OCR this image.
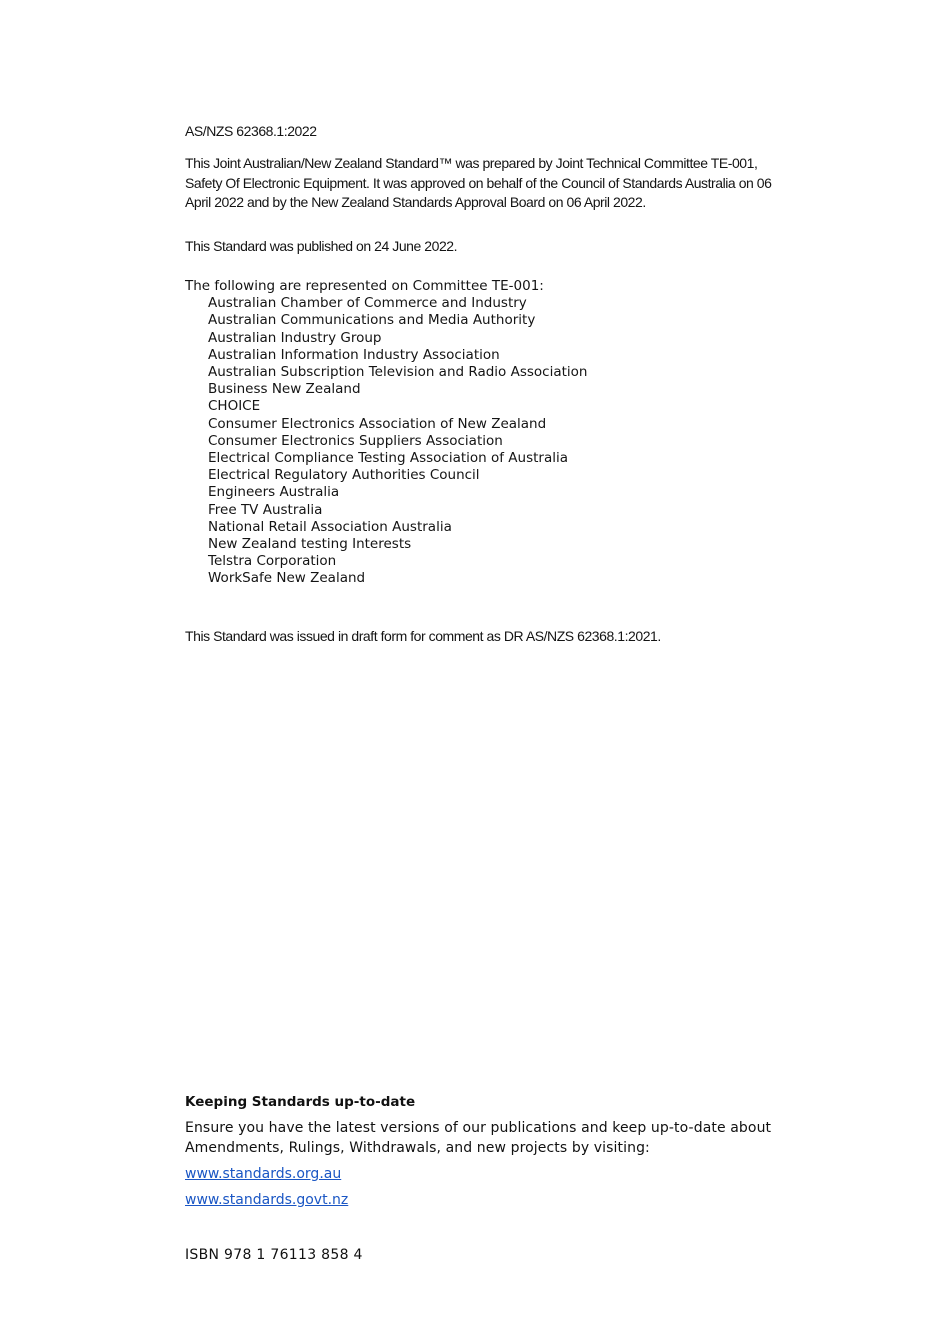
AS/NZS 62368.1:2022

This Joint Australian/New Zealand Standard™ was prepared by Joint Technical Committee TE-001, Safety Of Electronic Equipment. It was approved on behalf of the Council of Standards Australia on 06 April 2022 and by the New Zealand Standards Approval Board on 06 April 2022.

This Standard was published on 24 June 2022.

The following are represented on Committee TE-001:

Australian Chamber of Commerce and Industry
Australian Communications and Media Authority
Australian Industry Group
Australian Information Industry Association
Australian Subscription Television and Radio Association
Business New Zealand
CHOICE
Consumer Electronics Association of New Zealand
Consumer Electronics Suppliers Association
Electrical Compliance Testing Association of Australia
Electrical Regulatory Authorities Council
Engineers Australia
Free TV Australia
National Retail Association Australia
New Zealand testing Interests
Telstra Corporation
WorkSafe New Zealand

This Standard was issued in draft form for comment as DR AS/NZS 62368.1:2021.

Keeping Standards up-to-date

Ensure you have the latest versions of our publications and keep up-to-date about Amendments, Rulings, Withdrawals, and new projects by visiting:

www.standards.org.au

www.standards.govt.nz

ISBN 978 1 76113 858 4
